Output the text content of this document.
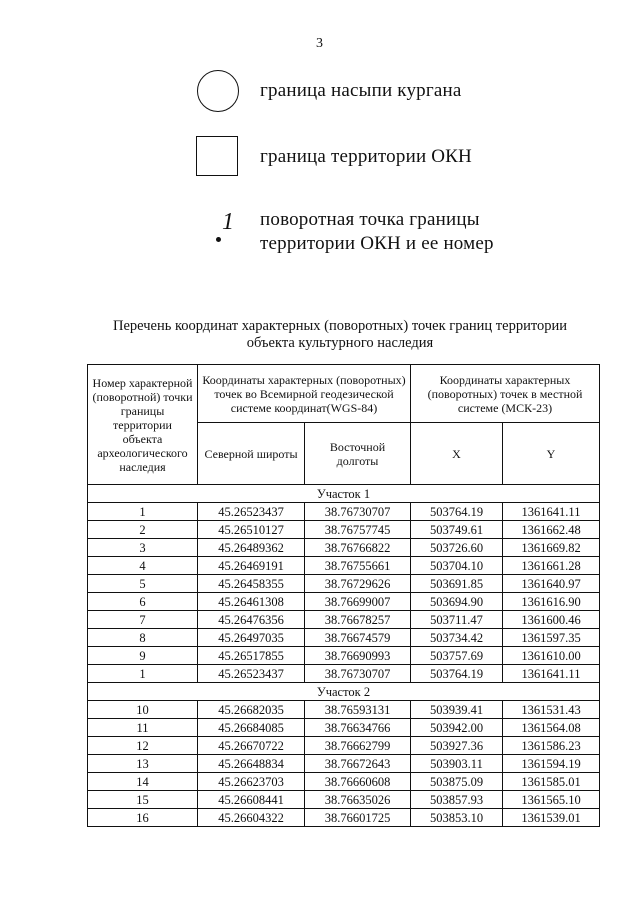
3
граница насыпи кургана
граница территории ОКН
1 поворотная точка границы
территории ОКН и ее номер
Перечень координат характерных (поворотных) точек границ территории
объекта культурного наследия
Номер характерной (поворотной) точки границы территории объекта археологического наследия	Координаты характерных (поворотных) точек во Всемирной геодезической системе координат(WGS-84)		Координаты характерных (поворотных) точек в местной системе (МСК-23)	
	Северной широты	Восточной долготы	X	Y
Участок 1				
1	45.26523437	38.76730707	503764.19	1361641.11
2	45.26510127	38.76757745	503749.61	1361662.48
3	45.26489362	38.76766822	503726.60	1361669.82
4	45.26469191	38.76755661	503704.10	1361661.28
5	45.26458355	38.76729626	503691.85	1361640.97
6	45.26461308	38.76699007	503694.90	1361616.90
7	45.26476356	38.76678257	503711.47	1361600.46
8	45.26497035	38.76674579	503734.42	1361597.35
9	45.26517855	38.76690993	503757.69	1361610.00
1	45.26523437	38.76730707	503764.19	1361641.11
Участок 2				
10	45.26682035	38.76593131	503939.41	1361531.43
11	45.26684085	38.76634766	503942.00	1361564.08
12	45.26670722	38.76662799	503927.36	1361586.23
13	45.26648834	38.76672643	503903.11	1361594.19
14	45.26623703	38.76660608	503875.09	1361585.01
15	45.26608441	38.76635026	503857.93	1361565.10
16	45.26604322	38.76601725	503853.10	1361539.01
